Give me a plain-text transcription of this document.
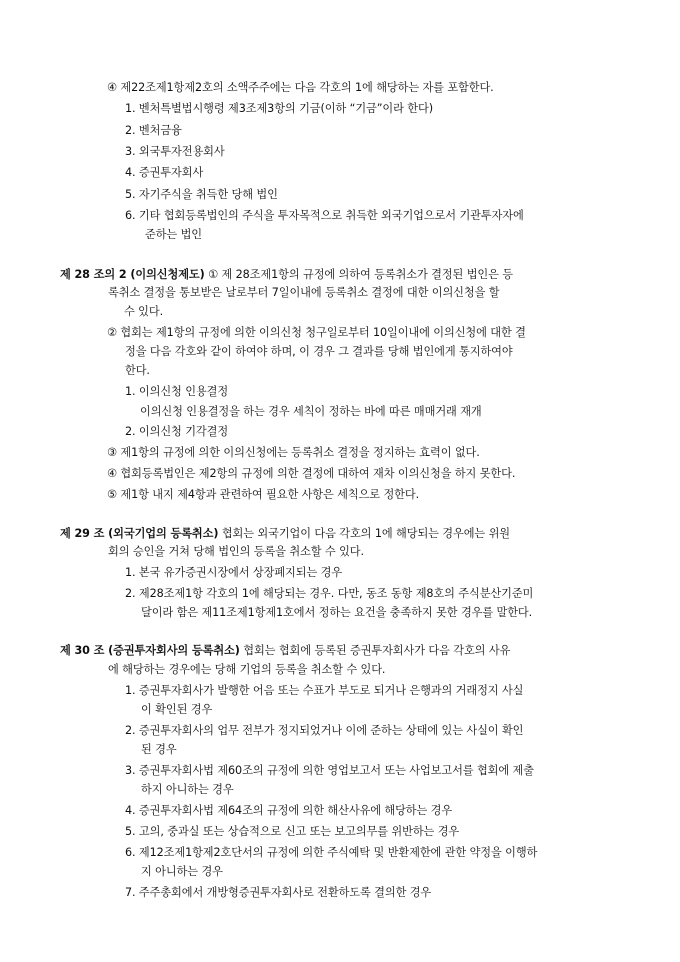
④ 제22조제1항제2호의 소액주주에는 다음 각호의 1에 해당하는 자를 포함한다.
1. 벤처특별법시행령 제3조제3항의 기금(이하 “기금”이라 한다)
2. 벤처금융
3. 외국투자전용회사
4. 증권투자회사
5. 자기주식을 취득한 당해 법인
6. 기타 협회등록법인의 주식을 투자목적으로 취득한 외국기업으로서 기관투자자에
준하는 법인
제 28 조의 2 (이의신청제도) ① 제 28조제1항의 규정에 의하여 등록취소가 결정된 법인은 등
록취소 결정을 통보받은 날로부터 7일이내에 등록취소 결정에 대한 이의신청을 할
수 있다.
② 협회는 제1항의 규정에 의한 이의신청 청구일로부터 10일이내에 이의신청에 대한 결
정을 다음 각호와 같이 하여야 하며, 이 경우 그 결과를 당해 법인에게 통지하여야
한다.
1. 이의신청 인용결정
이의신청 인용결정을 하는 경우 세칙이 정하는 바에 따른 매매거래 재개
2. 이의신청 기각결정
③ 제1항의 규정에 의한 이의신청에는 등록취소 결정을 정지하는 효력이 없다.
④ 협회등록법인은 제2항의 규정에 의한 결정에 대하여 재차 이의신청을 하지 못한다.
⑤ 제1항 내지 제4항과 관련하여 필요한 사항은 세칙으로 정한다.
제 29 조 (외국기업의 등록취소) 협회는 외국기업이 다음 각호의 1에 해당되는 경우에는 위원
회의 승인을 거쳐 당해 법인의 등록을 취소할 수 있다.
1. 본국 유가증권시장에서 상장폐지되는 경우
2. 제28조제1항 각호의 1에 해당되는 경우. 다만, 동조 동항 제8호의 주식분산기준미
달이라 함은 제11조제1항제1호에서 정하는 요건을 충족하지 못한 경우를 말한다.
제 30 조 (증권투자회사의 등록취소) 협회는 협회에 등록된 증권투자회사가 다음 각호의 사유
에 해당하는 경우에는 당해 기업의 등록을 취소할 수 있다.
1. 증권투자회사가 발행한 어음 또는 수표가 부도로 되거나 은행과의 거래정지 사실
이 확인된 경우
2. 증권투자회사의 업무 전부가 정지되었거나 이에 준하는 상태에 있는 사실이 확인
된 경우
3. 증권투자회사법 제60조의 규정에 의한 영업보고서 또는 사업보고서를 협회에 제출
하지 아니하는 경우
4. 증권투자회사법 제64조의 규정에 의한 해산사유에 해당하는 경우
5. 고의, 중과실 또는 상습적으로 신고 또는 보고의무를 위반하는 경우
6. 제12조제1항제2호단서의 규정에 의한 주식예탁 및 반환제한에 관한 약정을 이행하
지 아니하는 경우
7. 주주총회에서 개방형증권투자회사로 전환하도록 결의한 경우
